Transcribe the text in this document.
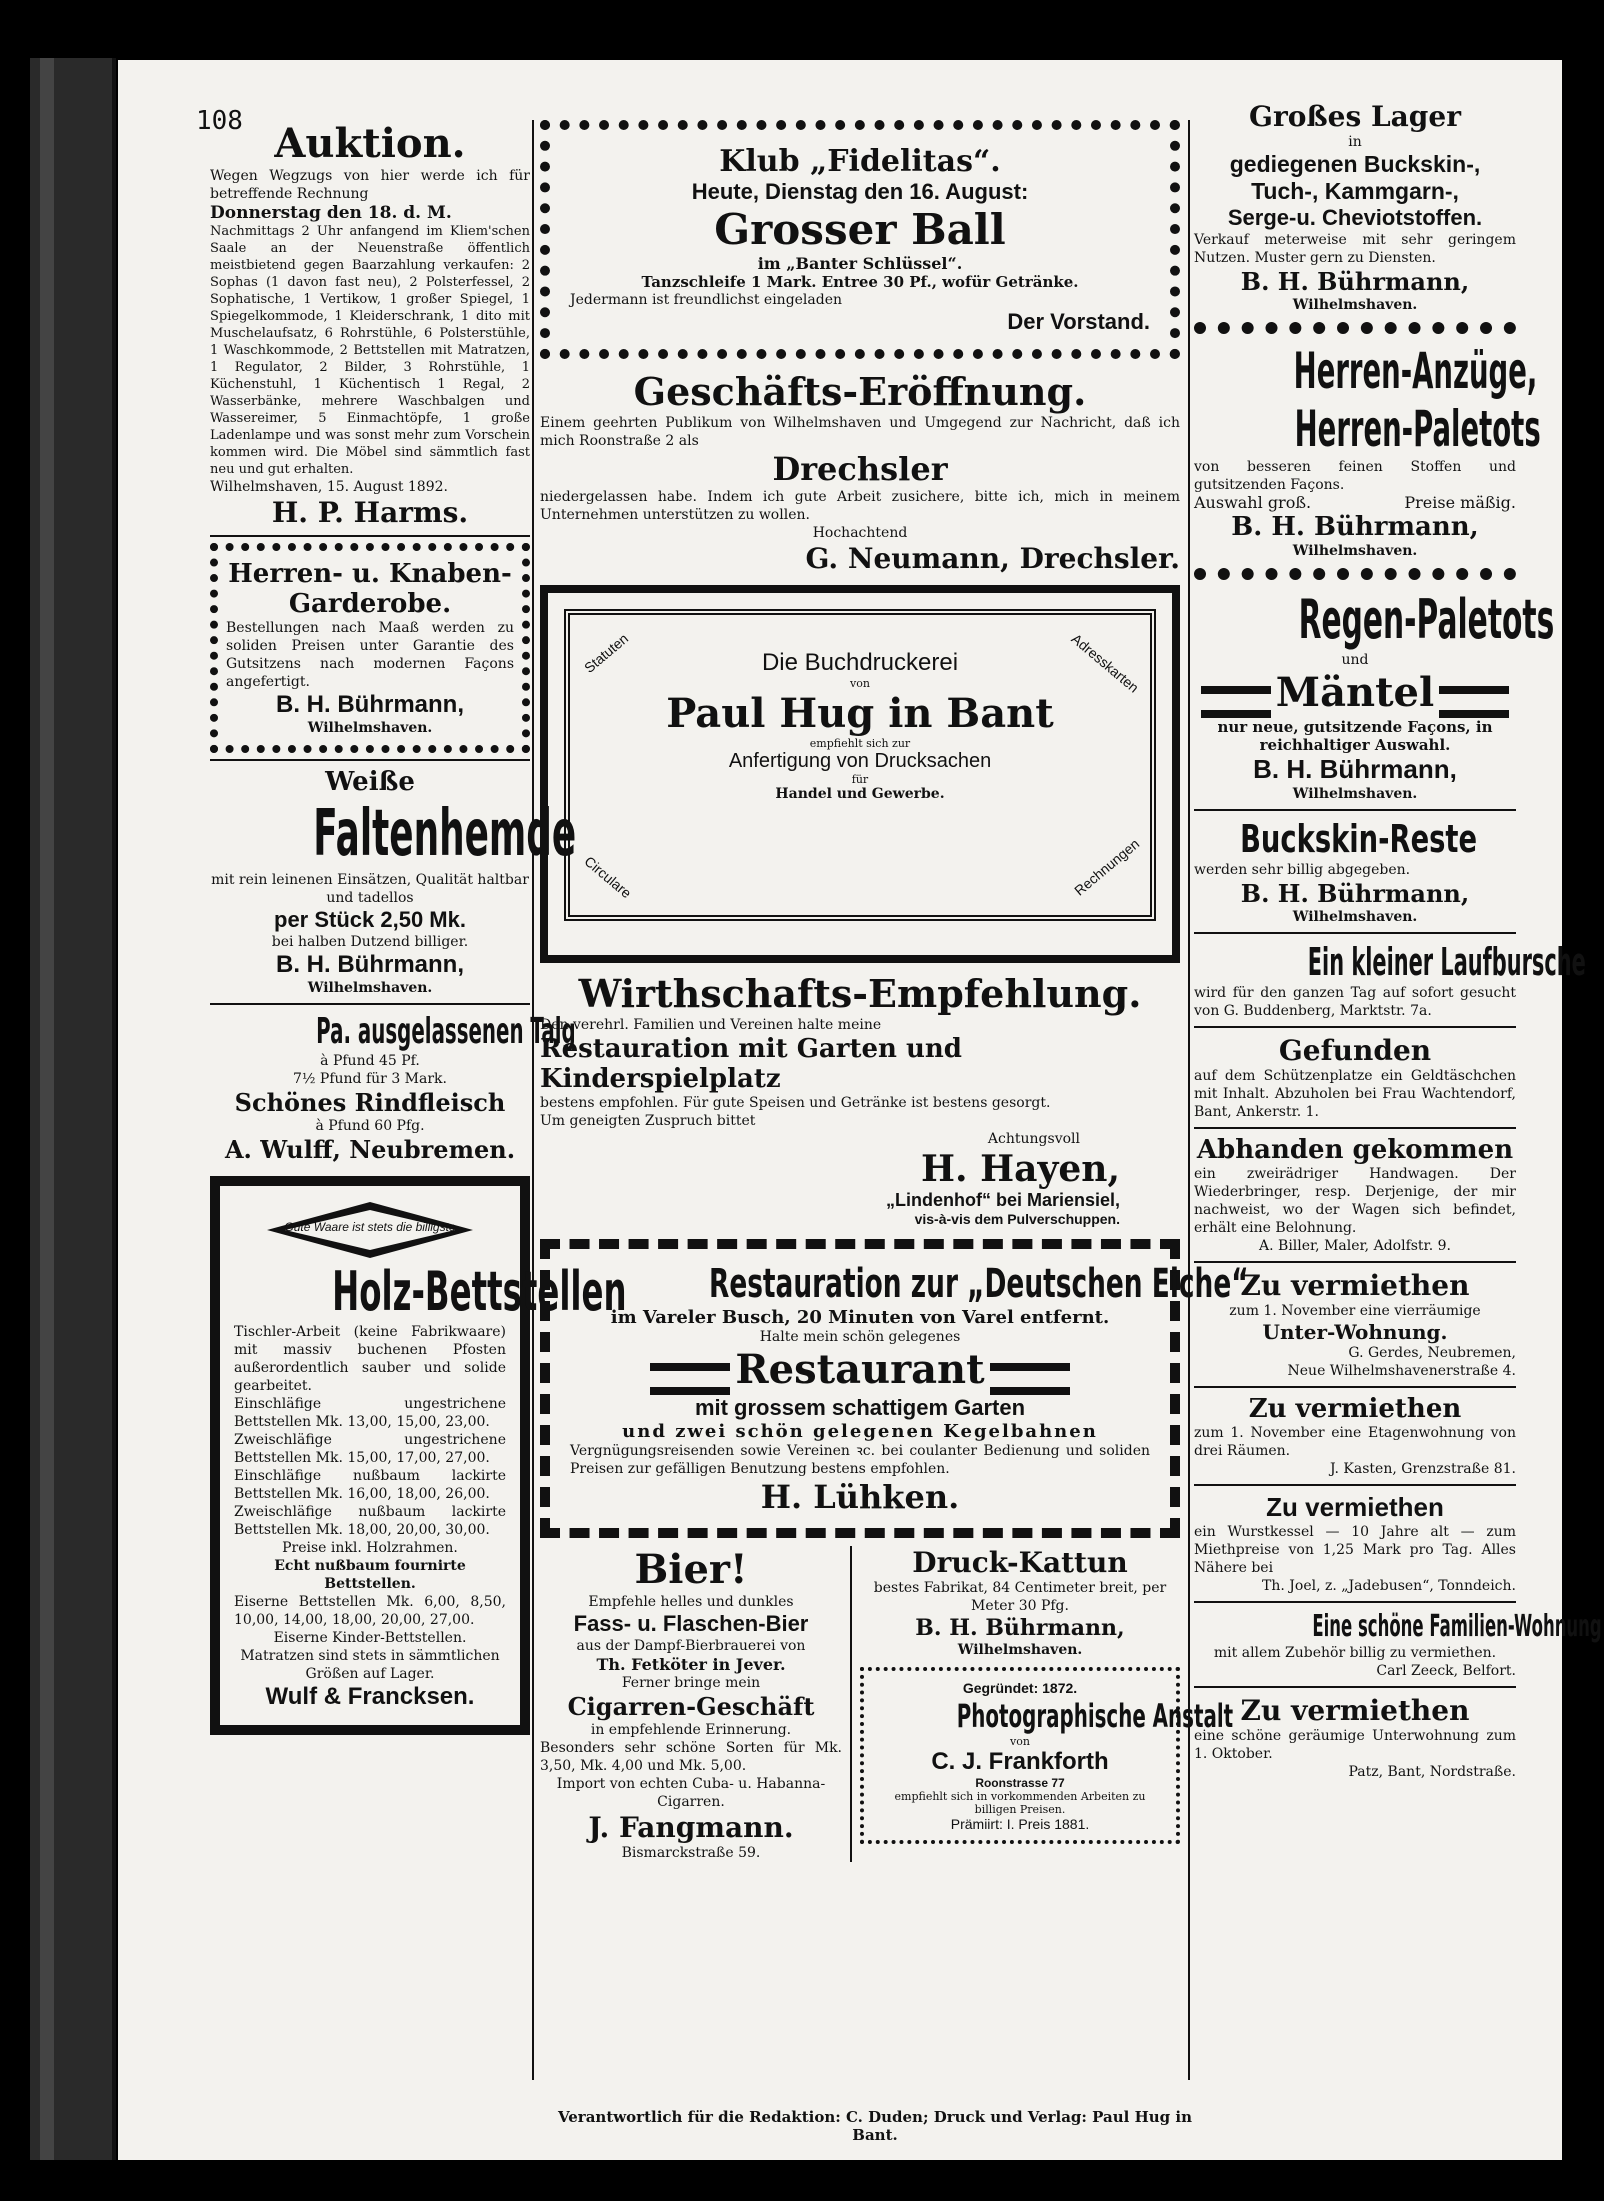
108 Auktion.
Wegen Wegzugs von hier werde ich für betreffende Rechnung
Donnerstag den 18. d. M.
Nachmittags 2 Uhr anfangend im Kliem'schen Saale an der Neuenstraße öffentlich meistbietend gegen Baarzahlung verkaufen: 2 Sophas (1 davon fast neu), 2 Polsterfessel, 2 Sophatische, 1 Vertikow, 1 großer Spiegel, 1 Spiegelkommode, 1 Kleiderschrank, 1 dito mit Muschelaufsatz, 6 Rohrstühle, 6 Polsterstühle, 1 Waschkommode, 2 Bettstellen mit Matratzen, 1 Regulator, 2 Bilder, 3 Rohrstühle, 1 Küchenstuhl, 1 Küchentisch 1 Regal, 2 Wasserbänke, mehrere Waschbalgen und Wassereimer, 5 Einmachtöpfe, 1 große Ladenlampe und was sonst mehr zum Vorschein kommen wird. Die Möbel sind sämmtlich fast neu und gut erhalten.
Wilhelmshaven, 15. August 1892.
H. P. Harms.
Herren- u. Knaben-
Garderobe.
Bestellungen nach Maaß werden zu soliden Preisen unter Garantie des Gutsitzens nach modernen Façons angefertigt.
B. H. Bührmann,
Wilhelmshaven.
Weiße
Faltenhemde
mit rein leinenen Einsätzen, Qualität haltbar und tadellos
per Stück 2,50 Mk.
bei halben Dutzend billiger.
B. H. Bührmann,
Wilhelmshaven.
Pa. ausgelassenen Talg
à Pfund 45 Pf.
7½ Pfund für 3 Mark.
Schönes Rindfleisch
à Pfund 60 Pfg.
A. Wulff, Neubremen.
Gute Waare ist stets die billigste
Holz-Bettstellen
Tischler-Arbeit (keine Fabrikwaare) mit massiv buchenen Pfosten außerordentlich sauber und solide gearbeitet.
Einschläfige ungestrichene Bettstellen Mk. 13,00, 15,00, 23,00.
Zweischläfige ungestrichene Bettstellen Mk. 15,00, 17,00, 27,00.
Einschläfige nußbaum lackirte Bettstellen Mk. 16,00, 18,00, 26,00.
Zweischläfige nußbaum lackirte Bettstellen Mk. 18,00, 20,00, 30,00.
Preise inkl. Holzrahmen.
Echt nußbaum fournirte Bettstellen.
Eiserne Bettstellen Mk. 6,00, 8,50, 10,00, 14,00, 18,00, 20,00, 27,00.
Eiserne Kinder-Bettstellen.
Matratzen sind stets in sämmtlichen Größen auf Lager.
Wulf & Francksen.
Klub „Fidelitas“.
Heute, Dienstag den 16. August:
Grosser Ball
im „Banter Schlüssel“.
Tanzschleife 1 Mark. Entree 30 Pf., wofür Getränke.
Jedermann ist freundlichst eingeladen
Der Vorstand.
Geschäfts-Eröffnung.
Einem geehrten Publikum von Wilhelmshaven und Umgegend zur Nachricht, daß ich mich Roonstraße 2 als
Drechsler
niedergelassen habe. Indem ich gute Arbeit zusichere, bitte ich, mich in meinem Unternehmen unterstützen zu wollen.
Hochachtend
G. Neumann, Drechsler.
Statuten	Adresskarten
Circulare	Rechnungen
Die Buchdruckerei
von
Paul Hug in Bant
empfiehlt sich zur
Anfertigung von Drucksachen
für
Handel und Gewerbe.
Wirthschafts-Empfehlung.
Den verehrl. Familien und Vereinen halte meine
Restauration mit Garten und Kinderspielplatz
bestens empfohlen. Für gute Speisen und Getränke ist bestens gesorgt.
Um geneigten Zuspruch bittet
Achtungsvoll
H. Hayen,
„Lindenhof“ bei Mariensiel,
vis-à-vis dem Pulverschuppen.
Restauration zur „Deutschen Eiche“
im Vareler Busch, 20 Minuten von Varel entfernt.
Halte mein schön gelegenes
Restaurant
mit grossem schattigem Garten
und zwei schön gelegenen Kegelbahnen
Vergnügungsreisenden sowie Vereinen ꝛc. bei coulanter Bedienung und soliden Preisen zur gefälligen Benutzung bestens empfohlen.
H. Lühken.
Bier!
Empfehle helles und dunkles
Fass- u. Flaschen-Bier
aus der Dampf-Bierbrauerei von
Th. Fetköter in Jever.
Ferner bringe mein
Cigarren-Geschäft
in empfehlende Erinnerung.
Besonders sehr schöne Sorten für Mk. 3,50, Mk. 4,00 und Mk. 5,00.
Import von echten Cuba- u. Habanna-Cigarren.
J. Fangmann.
Bismarckstraße 59.
Druck-Kattun
bestes Fabrikat, 84 Centimeter breit, per Meter 30 Pfg.
B. H. Bührmann,
Wilhelmshaven.
Gegründet: 1872.
Photographische Anstalt
von
C. J. Frankforth
Roonstrasse 77
empfiehlt sich in vorkommenden Arbeiten zu billigen Preisen.
Prämiirt: I. Preis 1881.
Großes Lager
in
gediegenen Buckskin-,
Tuch-, Kammgarn-,
Serge-u. Cheviotstoffen.
Verkauf meterweise mit sehr geringem Nutzen. Muster gern zu Diensten.
B. H. Bührmann,
Wilhelmshaven.
Herren-Anzüge,
Herren-Paletots
von besseren feinen Stoffen und gutsitzenden Façons.
Auswahl groß.	Preise mäßig.
B. H. Bührmann,
Wilhelmshaven.
Regen-Paletots
und
Mäntel
nur neue, gutsitzende Façons, in reichhaltiger Auswahl.
B. H. Bührmann,
Wilhelmshaven.
Buckskin-Reste
werden sehr billig abgegeben.
B. H. Bührmann,
Wilhelmshaven.
Ein kleiner Laufbursche
wird für den ganzen Tag auf sofort gesucht von G. Buddenberg, Marktstr. 7a.
Gefunden
auf dem Schützenplatze ein Geldtäschchen mit Inhalt. Abzuholen bei Frau Wachtendorf, Bant, Ankerstr. 1.
Abhanden gekommen
ein zweirädriger Handwagen. Der Wiederbringer, resp. Derjenige, der mir nachweist, wo der Wagen sich befindet, erhält eine Belohnung.
A. Biller, Maler, Adolfstr. 9.
Zu vermiethen
zum 1. November eine vierräumige
Unter-Wohnung.
G. Gerdes, Neubremen,
Neue Wilhelmshavenerstraße 4.
Zu vermiethen
zum 1. November eine Etagenwohnung von drei Räumen.
J. Kasten, Grenzstraße 81.
Zu vermiethen
ein Wurstkessel — 10 Jahre alt — zum Miethpreise von 1,25 Mark pro Tag. Alles Nähere bei
Th. Joel, z. „Jadebusen“, Tonndeich.
Eine schöne Familien-Wohnung
mit allem Zubehör billig zu vermiethen.
Carl Zeeck, Belfort.
Zu vermiethen
eine schöne geräumige Unterwohnung zum 1. Oktober.
Patz, Bant, Nordstraße.
Verantwortlich für die Redaktion: C. Duden; Druck und Verlag: Paul Hug in Bant.
